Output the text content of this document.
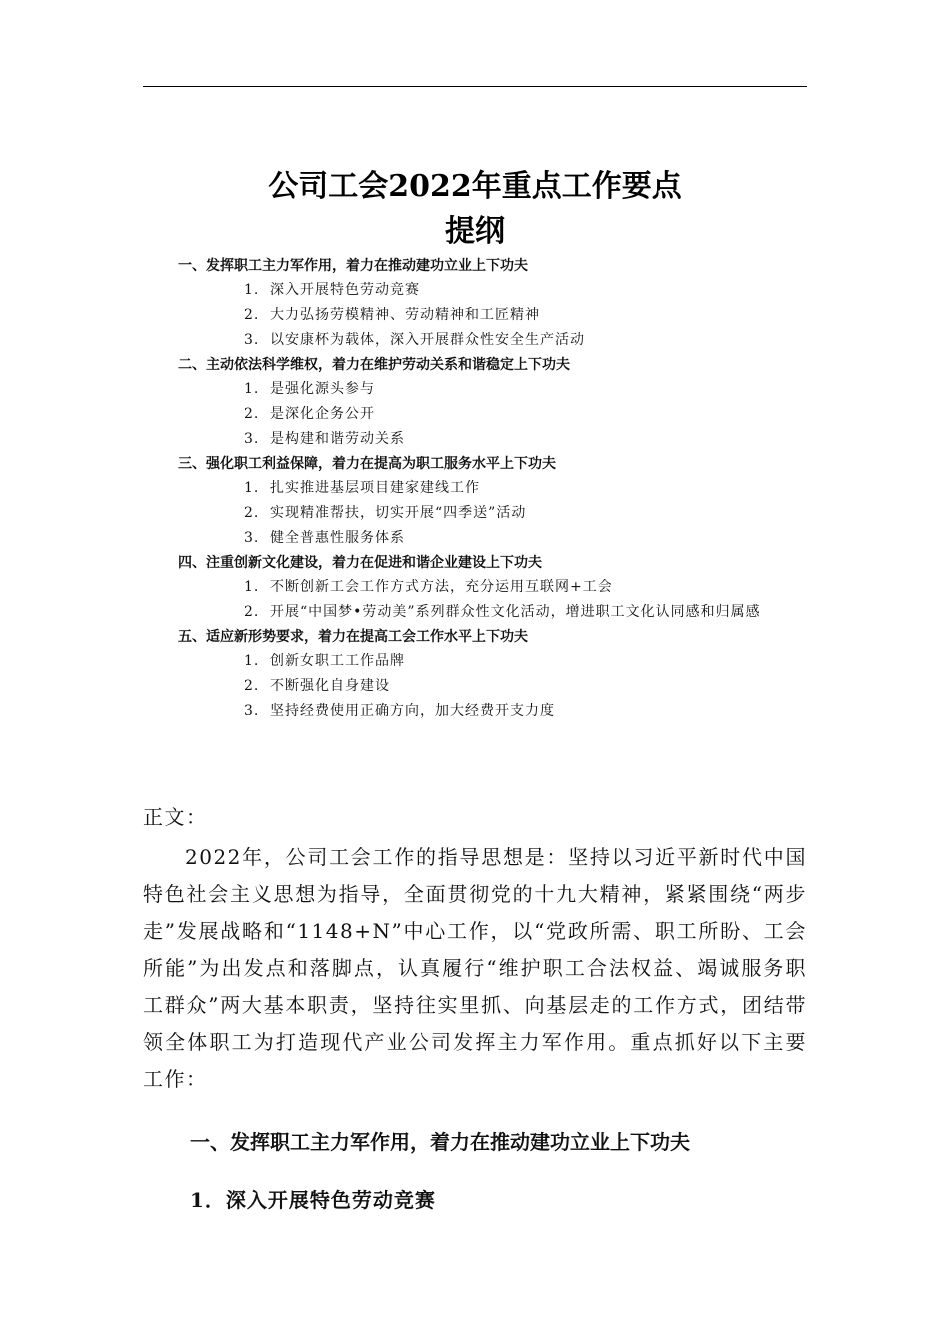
公司工会2022年重点工作要点
提纲
一、发挥职工主力军作用，着力在推动建功立业上下功夫
1. 深入开展特色劳动竞赛
2. 大力弘扬劳模精神、劳动精神和工匠精神
3. 以安康杯为载体，深入开展群众性安全生产活动
二、主动依法科学维权，着力在维护劳动关系和谐稳定上下功夫
1. 是强化源头参与
2. 是深化企务公开
3. 是构建和谐劳动关系
三、强化职工利益保障，着力在提高为职工服务水平上下功夫
1. 扎实推进基层项目建家建线工作
2. 实现精准帮扶，切实开展“四季送”活动
3. 健全普惠性服务体系
四、注重创新文化建设，着力在促进和谐企业建设上下功夫
1. 不断创新工会工作方式方法，充分运用互联网+工会
2. 开展“中国梦•劳动美”系列群众性文化活动，增进职工文化认同感和归属感
五、适应新形势要求，着力在提高工会工作水平上下功夫
1. 创新女职工工作品牌
2. 不断强化自身建设
3. 坚持经费使用正确方向，加大经费开支力度
正文：
2022年，公司工会工作的指导思想是：坚持以习近平新时代中国特色社会主义思想为指导，全面贯彻党的十九大精神，紧紧围绕“两步走”发展战略和“1148+N”中心工作，以“党政所需、职工所盼、工会所能”为出发点和落脚点，认真履行“维护职工合法权益、竭诚服务职工群众”两大基本职责，坚持往实里抓、向基层走的工作方式，团结带领全体职工为打造现代产业公司发挥主力军作用。重点抓好以下主要工作：
一、发挥职工主力军作用，着力在推动建功立业上下功夫
1．深入开展特色劳动竞赛
